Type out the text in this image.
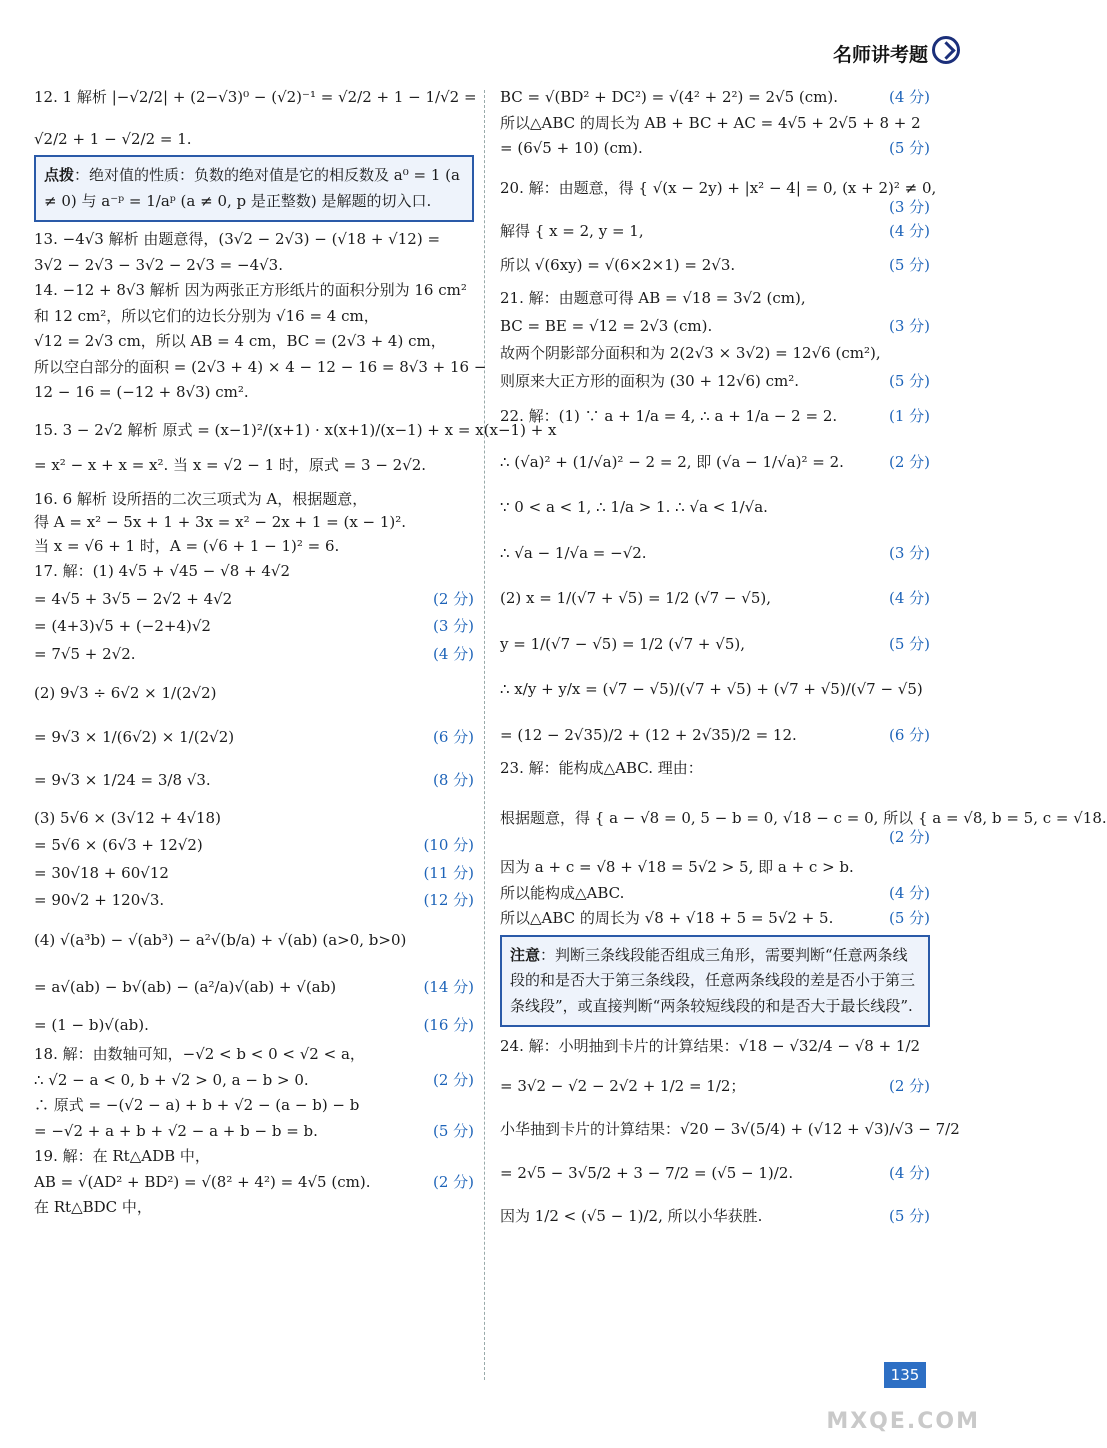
名师讲考题
12. 1 解析 |−√2/2| + (2−√3)⁰ − (√2)⁻¹ = √2/2 + 1 − 1/√2 =
√2/2 + 1 − √2/2 = 1.
点拨：绝对值的性质：负数的绝对值是它的相反数及 a⁰ = 1 (a ≠ 0) 与 a⁻ᵖ = 1/aᵖ (a ≠ 0, p 是正整数) 是解题的切入口.
13. −4√3 解析 由题意得，(3√2 − 2√3) − (√18 + √12) =
3√2 − 2√3 − 3√2 − 2√3 = −4√3.
14. −12 + 8√3 解析 因为两张正方形纸片的面积分别为 16 cm²
和 12 cm²，所以它们的边长分别为 √16 = 4 cm，
√12 = 2√3 cm，所以 AB = 4 cm，BC = (2√3 + 4) cm，
所以空白部分的面积 = (2√3 + 4) × 4 − 12 − 16 = 8√3 + 16 −
12 − 16 = (−12 + 8√3) cm².
15. 3 − 2√2 解析 原式 = (x−1)²/(x+1) · x(x+1)/(x−1) + x = x(x−1) + x
= x² − x + x = x². 当 x = √2 − 1 时，原式 = 3 − 2√2.
16. 6 解析 设所捂的二次三项式为 A，根据题意，
得 A = x² − 5x + 1 + 3x = x² − 2x + 1 = (x − 1)².
当 x = √6 + 1 时，A = (√6 + 1 − 1)² = 6.
17. 解：(1) 4√5 + √45 − √8 + 4√2
= 4√5 + 3√5 − 2√2 + 4√2	(2 分)
= (4+3)√5 + (−2+4)√2	(3 分)
= 7√5 + 2√2.	(4 分)
(2) 9√3 ÷ 6√2 × 1/(2√2)
= 9√3 × 1/(6√2) × 1/(2√2)	(6 分)
= 9√3 × 1/24 = 3/8 √3.	(8 分)
(3) 5√6 × (3√12 + 4√18)
= 5√6 × (6√3 + 12√2)	(10 分)
= 30√18 + 60√12	(11 分)
= 90√2 + 120√3.	(12 分)
(4) √(a³b) − √(ab³) − a²√(b/a) + √(ab) (a>0, b>0)
= a√(ab) − b√(ab) − (a²/a)√(ab) + √(ab)	(14 分)
= (1 − b)√(ab).	(16 分)
18. 解：由数轴可知，−√2 < b < 0 < √2 < a，
∴ √2 − a < 0, b + √2 > 0, a − b > 0.	(2 分)
∴ 原式 = −(√2 − a) + b + √2 − (a − b) − b
= −√2 + a + b + √2 − a + b − b = b.	(5 分)
19. 解：在 Rt△ADB 中，
AB = √(AD² + BD²) = √(8² + 4²) = 4√5 (cm).	(2 分)
在 Rt△BDC 中，
BC = √(BD² + DC²) = √(4² + 2²) = 2√5 (cm).	(4 分)
所以△ABC 的周长为 AB + BC + AC = 4√5 + 2√5 + 8 + 2
= (6√5 + 10) (cm).	(5 分)
20. 解：由题意，得 { √(x − 2y) + |x² − 4| = 0, (x + 2)² ≠ 0,
(3 分)
解得 { x = 2, y = 1,	(4 分)
所以 √(6xy) = √(6×2×1) = 2√3.	(5 分)
21. 解：由题意可得 AB = √18 = 3√2 (cm),
BC = BE = √12 = 2√3 (cm).	(3 分)
故两个阴影部分面积和为 2(2√3 × 3√2) = 12√6 (cm²),
则原来大正方形的面积为 (30 + 12√6) cm².	(5 分)
22. 解：(1) ∵ a + 1/a = 4, ∴ a + 1/a − 2 = 2.	(1 分)
∴ (√a)² + (1/√a)² − 2 = 2, 即 (√a − 1/√a)² = 2.	(2 分)
∵ 0 < a < 1, ∴ 1/a > 1. ∴ √a < 1/√a.
∴ √a − 1/√a = −√2.	(3 分)
(2) x = 1/(√7 + √5) = 1/2 (√7 − √5),	(4 分)
y = 1/(√7 − √5) = 1/2 (√7 + √5),	(5 分)
∴ x/y + y/x = (√7 − √5)/(√7 + √5) + (√7 + √5)/(√7 − √5)
= (12 − 2√35)/2 + (12 + 2√35)/2 = 12.	(6 分)
23. 解：能构成△ABC. 理由：
根据题意，得 { a − √8 = 0, 5 − b = 0, √18 − c = 0, 所以 { a = √8, b = 5, c = √18.
(2 分)
因为 a + c = √8 + √18 = 5√2 > 5, 即 a + c > b.
所以能构成△ABC.	(4 分)
所以△ABC 的周长为 √8 + √18 + 5 = 5√2 + 5.	(5 分)
注意：判断三条线段能否组成三角形，需要判断“任意两条线段的和是否大于第三条线段，任意两条线段的差是否小于第三条线段”，或直接判断“两条较短线段的和是否大于最长线段”.
24. 解：小明抽到卡片的计算结果：√18 − √32/4 − √8 + 1/2
= 3√2 − √2 − 2√2 + 1/2 = 1/2；	(2 分)
小华抽到卡片的计算结果：√20 − 3√(5/4) + (√12 + √3)/√3 − 7/2
= 2√5 − 3√5/2 + 3 − 7/2 = (√5 − 1)/2.	(4 分)
因为 1/2 < (√5 − 1)/2, 所以小华获胜.	(5 分)
135
MXQE.COM
